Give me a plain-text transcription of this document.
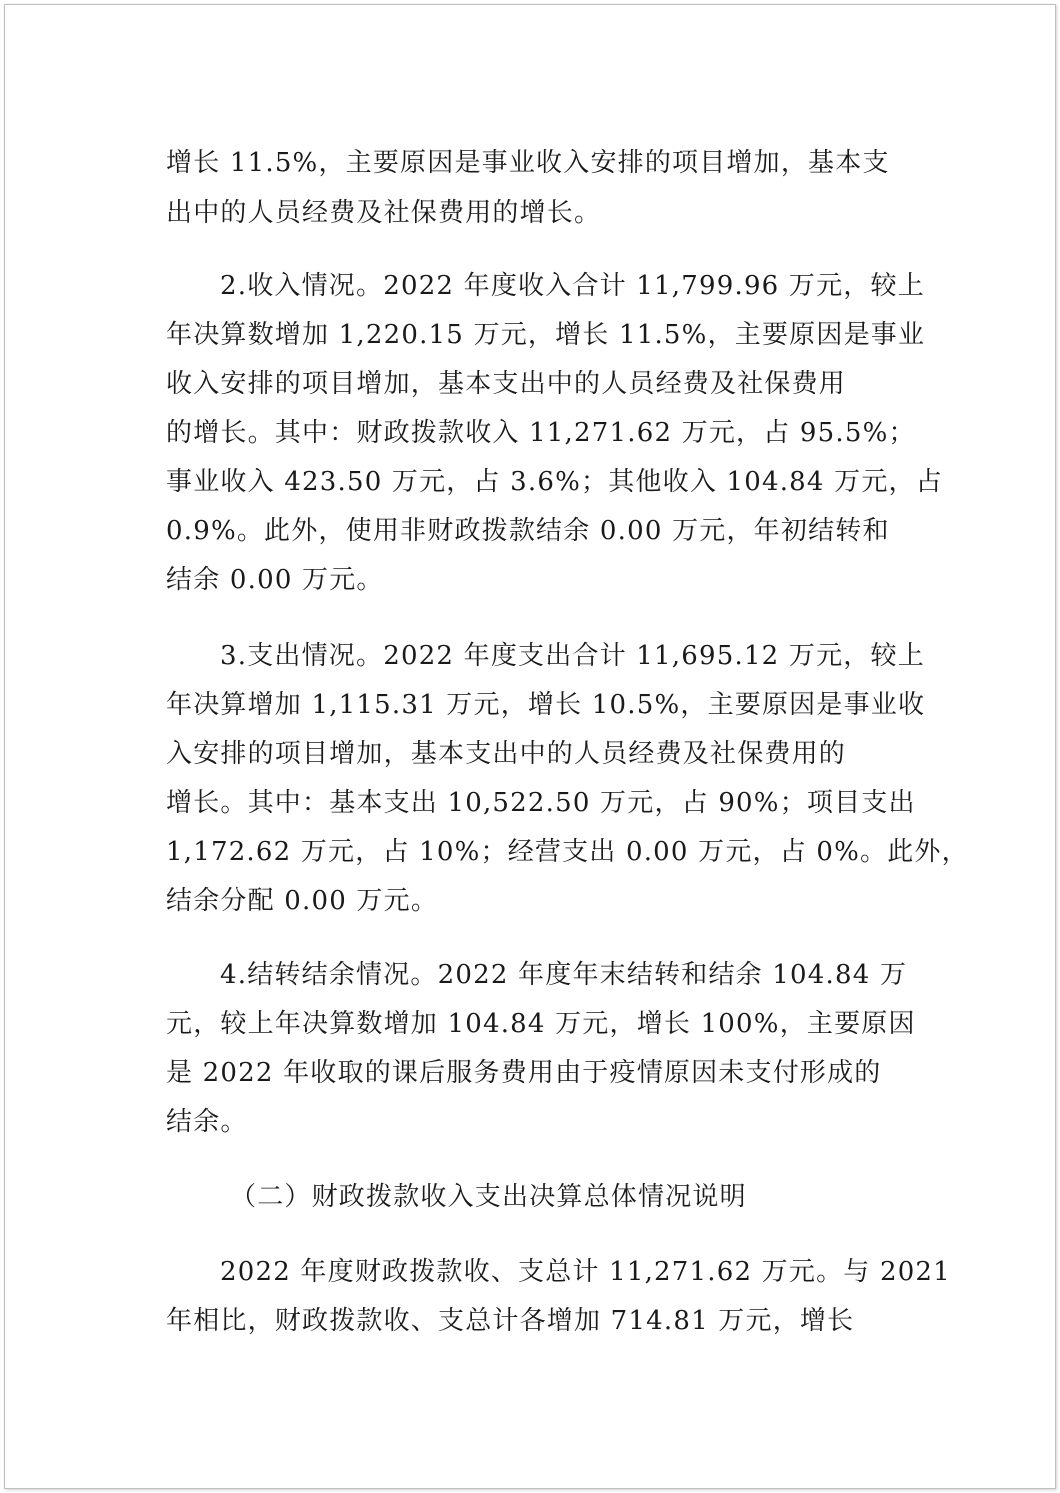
增长 11.5%，主要原因是事业收入安排的项目增加，基本支

出中的人员经费及社保费用的增长。

2.收入情况。2022 年度收入合计 11,799.96 万元，较上

年决算数增加 1,220.15 万元，增长 11.5%，主要原因是事业

收入安排的项目增加，基本支出中的人员经费及社保费用

的增长。其中：财政拨款收入 11,271.62 万元，占 95.5%；

事业收入 423.50 万元，占 3.6%；其他收入 104.84 万元，占

0.9%。此外，使用非财政拨款结余 0.00 万元，年初结转和

结余 0.00 万元。

3.支出情况。2022 年度支出合计 11,695.12 万元，较上

年决算增加 1,115.31 万元，增长 10.5%，主要原因是事业收

入安排的项目增加，基本支出中的人员经费及社保费用的

增长。其中：基本支出 10,522.50 万元，占 90%；项目支出

1,172.62 万元，占 10%；经营支出 0.00 万元，占 0%。此外，

结余分配 0.00 万元。

4.结转结余情况。2022 年度年末结转和结余 104.84 万

元，较上年决算数增加 104.84 万元，增长 100%，主要原因

是 2022 年收取的课后服务费用由于疫情原因未支付形成的

结余。

（二）财政拨款收入支出决算总体情况说明

2022 年度财政拨款收、支总计 11,271.62 万元。与 2021

年相比，财政拨款收、支总计各增加 714.81 万元，增长
